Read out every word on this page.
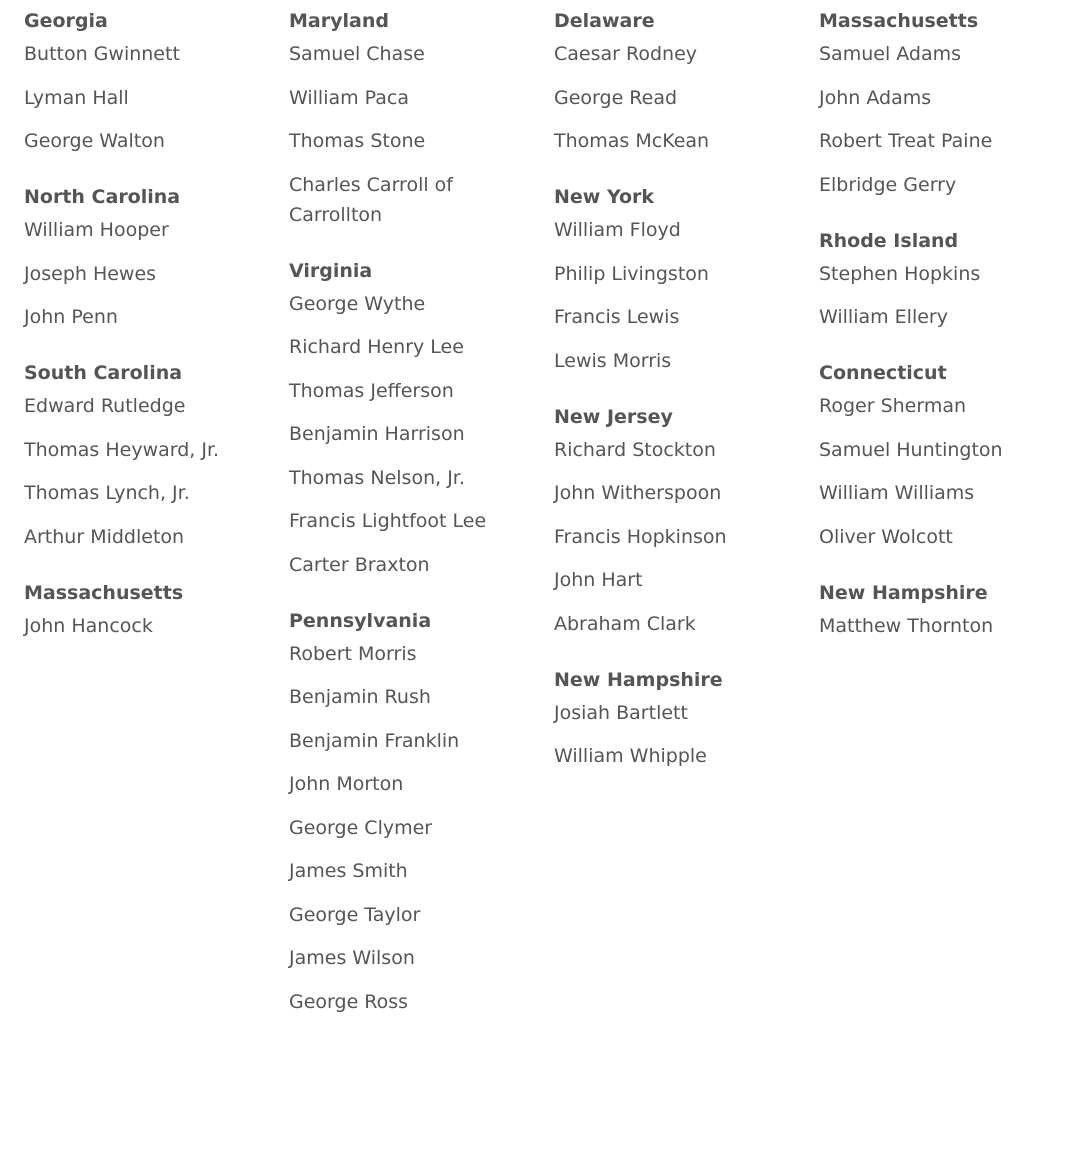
Georgia
Button Gwinnett
Lyman Hall
George Walton
North Carolina
William Hooper
Joseph Hewes
John Penn
South Carolina
Edward Rutledge
Thomas Heyward, Jr.
Thomas Lynch, Jr.
Arthur Middleton
Massachusetts
John Hancock
Maryland
Samuel Chase
William Paca
Thomas Stone
Charles Carroll of Carrollton
Virginia
George Wythe
Richard Henry Lee
Thomas Jefferson
Benjamin Harrison
Thomas Nelson, Jr.
Francis Lightfoot Lee
Carter Braxton
Pennsylvania
Robert Morris
Benjamin Rush
Benjamin Franklin
John Morton
George Clymer
James Smith
George Taylor
James Wilson
George Ross
Delaware
Caesar Rodney
George Read
Thomas McKean
New York
William Floyd
Philip Livingston
Francis Lewis
Lewis Morris
New Jersey
Richard Stockton
John Witherspoon
Francis Hopkinson
John Hart
Abraham Clark
New Hampshire
Josiah Bartlett
William Whipple
Massachusetts
Samuel Adams
John Adams
Robert Treat Paine
Elbridge Gerry
Rhode Island
Stephen Hopkins
William Ellery
Connecticut
Roger Sherman
Samuel Huntington
William Williams
Oliver Wolcott
New Hampshire
Matthew Thornton
